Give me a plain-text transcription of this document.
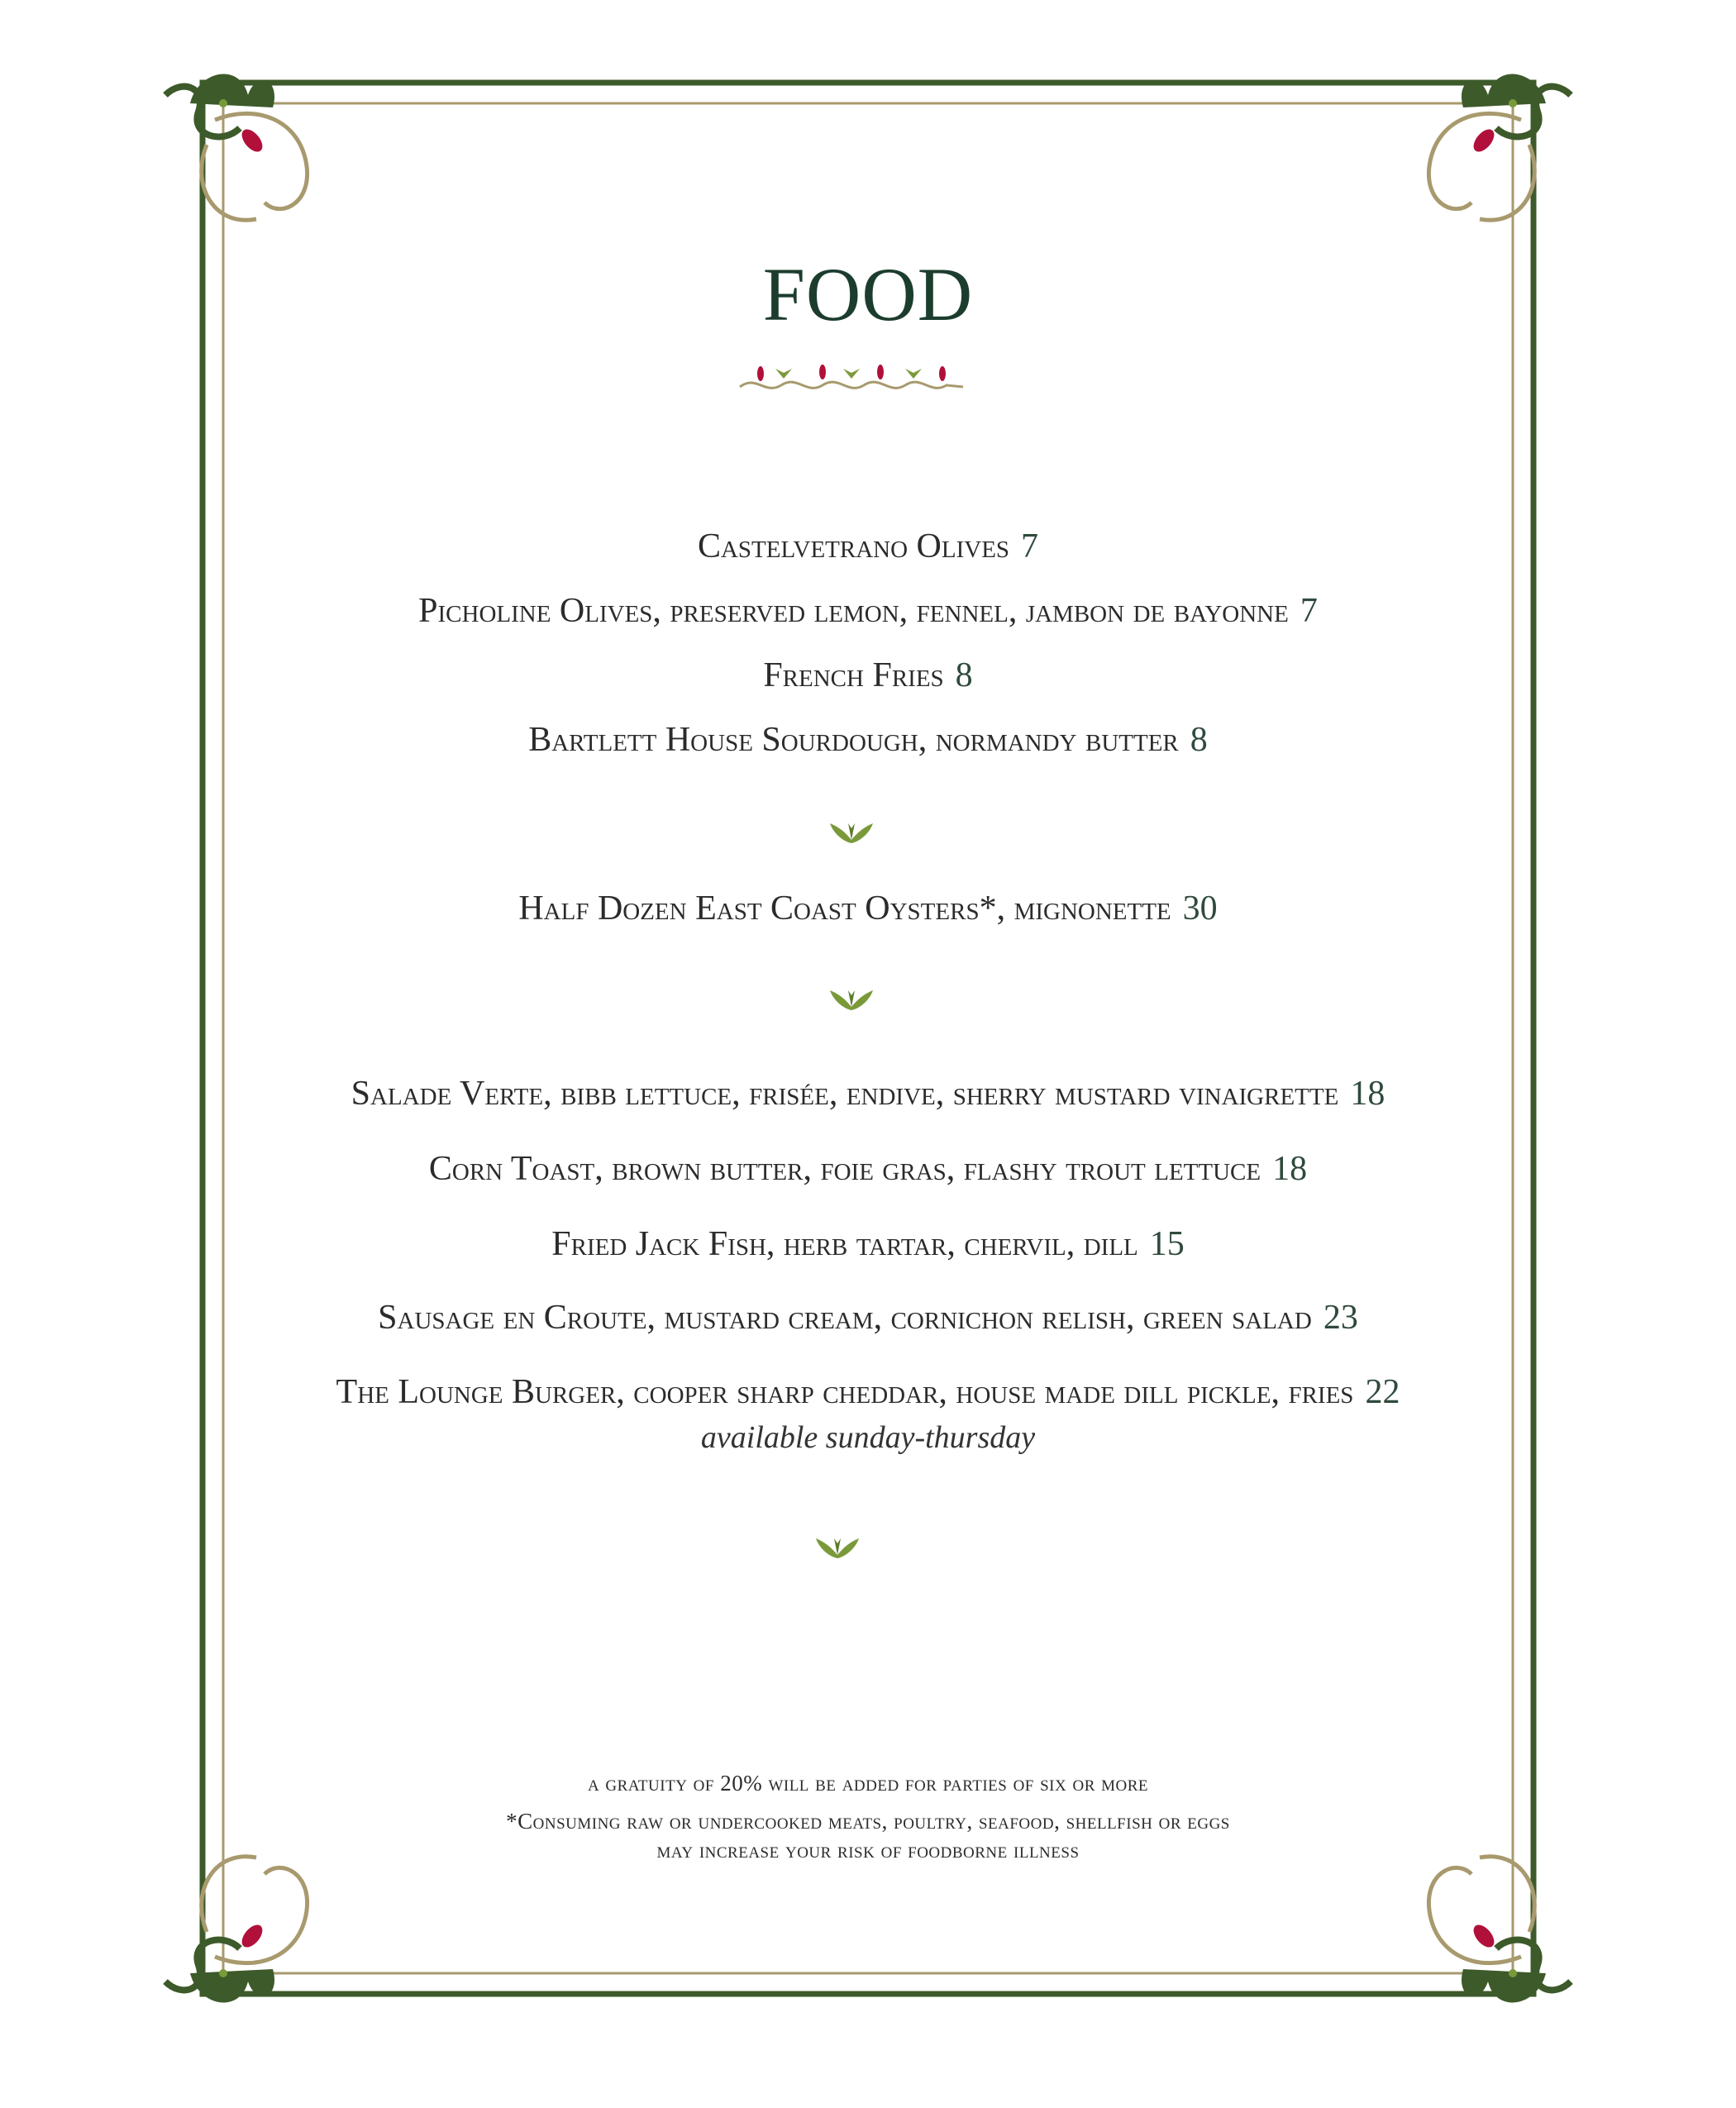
FOOD
Castelvetrano Olives 7
Picholine Olives, preserved lemon, fennel, jambon de bayonne 7
French Fries 8
Bartlett House Sourdough, normandy butter 8
Half Dozen East Coast Oysters*, mignonette 30
Salade Verte, bibb lettuce, frisée, endive, sherry mustard vinaigrette 18
Corn Toast, brown butter, foie gras, flashy trout lettuce 18
Fried Jack Fish, herb tartar, chervil, dill 15
Sausage en Croute, mustard cream, cornichon relish, green salad 23
The Lounge Burger, cooper sharp cheddar, house made dill pickle, fries 22
available sunday-thursday
a gratuity of 20% will be added for parties of six or more
*Consuming raw or undercooked meats, poultry, seafood, shellfish or eggs
may increase your risk of foodborne illness
